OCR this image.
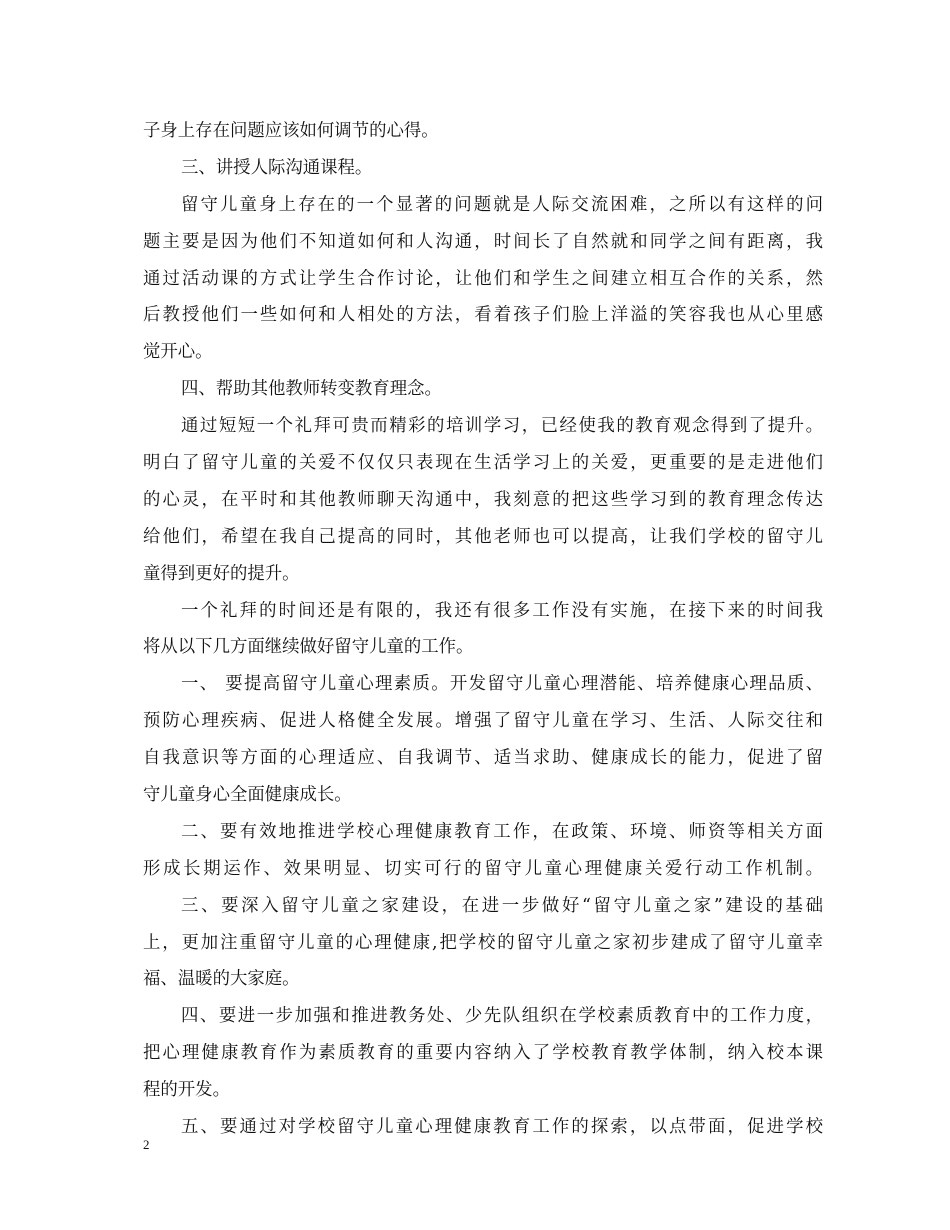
子身上存在问题应该如何调节的心得。
三、讲授人际沟通课程。
留守儿童身上存在的一个显著的问题就是人际交流困难，之所以有这样的问
题主要是因为他们不知道如何和人沟通，时间长了自然就和同学之间有距离，我
通过活动课的方式让学生合作讨论，让他们和学生之间建立相互合作的关系，然
后教授他们一些如何和人相处的方法，看着孩子们脸上洋溢的笑容我也从心里感
觉开心。
四、帮助其他教师转变教育理念。
通过短短一个礼拜可贵而精彩的培训学习，已经使我的教育观念得到了提升。
明白了留守儿童的关爱不仅仅只表现在生活学习上的关爱，更重要的是走进他们
的心灵，在平时和其他教师聊天沟通中，我刻意的把这些学习到的教育理念传达
给他们，希望在我自己提高的同时，其他老师也可以提高，让我们学校的留守儿
童得到更好的提升。
一个礼拜的时间还是有限的，我还有很多工作没有实施，在接下来的时间我
将从以下几方面继续做好留守儿童的工作。
一、 要提高留守儿童心理素质。开发留守儿童心理潜能、培养健康心理品质、
预防心理疾病、促进人格健全发展。增强了留守儿童在学习、生活、人际交往和
自我意识等方面的心理适应、自我调节、适当求助、健康成长的能力，促进了留
守儿童身心全面健康成长。
二、要有效地推进学校心理健康教育工作，在政策、环境、师资等相关方面
形成长期运作、效果明显、切实可行的留守儿童心理健康关爱行动工作机制。
三、要深入留守儿童之家建设，在进一步做好“留守儿童之家”建设的基础
上，更加注重留守儿童的心理健康,把学校的留守儿童之家初步建成了留守儿童幸
福、温暖的大家庭。
四、要进一步加强和推进教务处、少先队组织在学校素质教育中的工作力度，
把心理健康教育作为素质教育的重要内容纳入了学校教育教学体制，纳入校本课
程的开发。
五、要通过对学校留守儿童心理健康教育工作的探索，以点带面，促进学校
2
